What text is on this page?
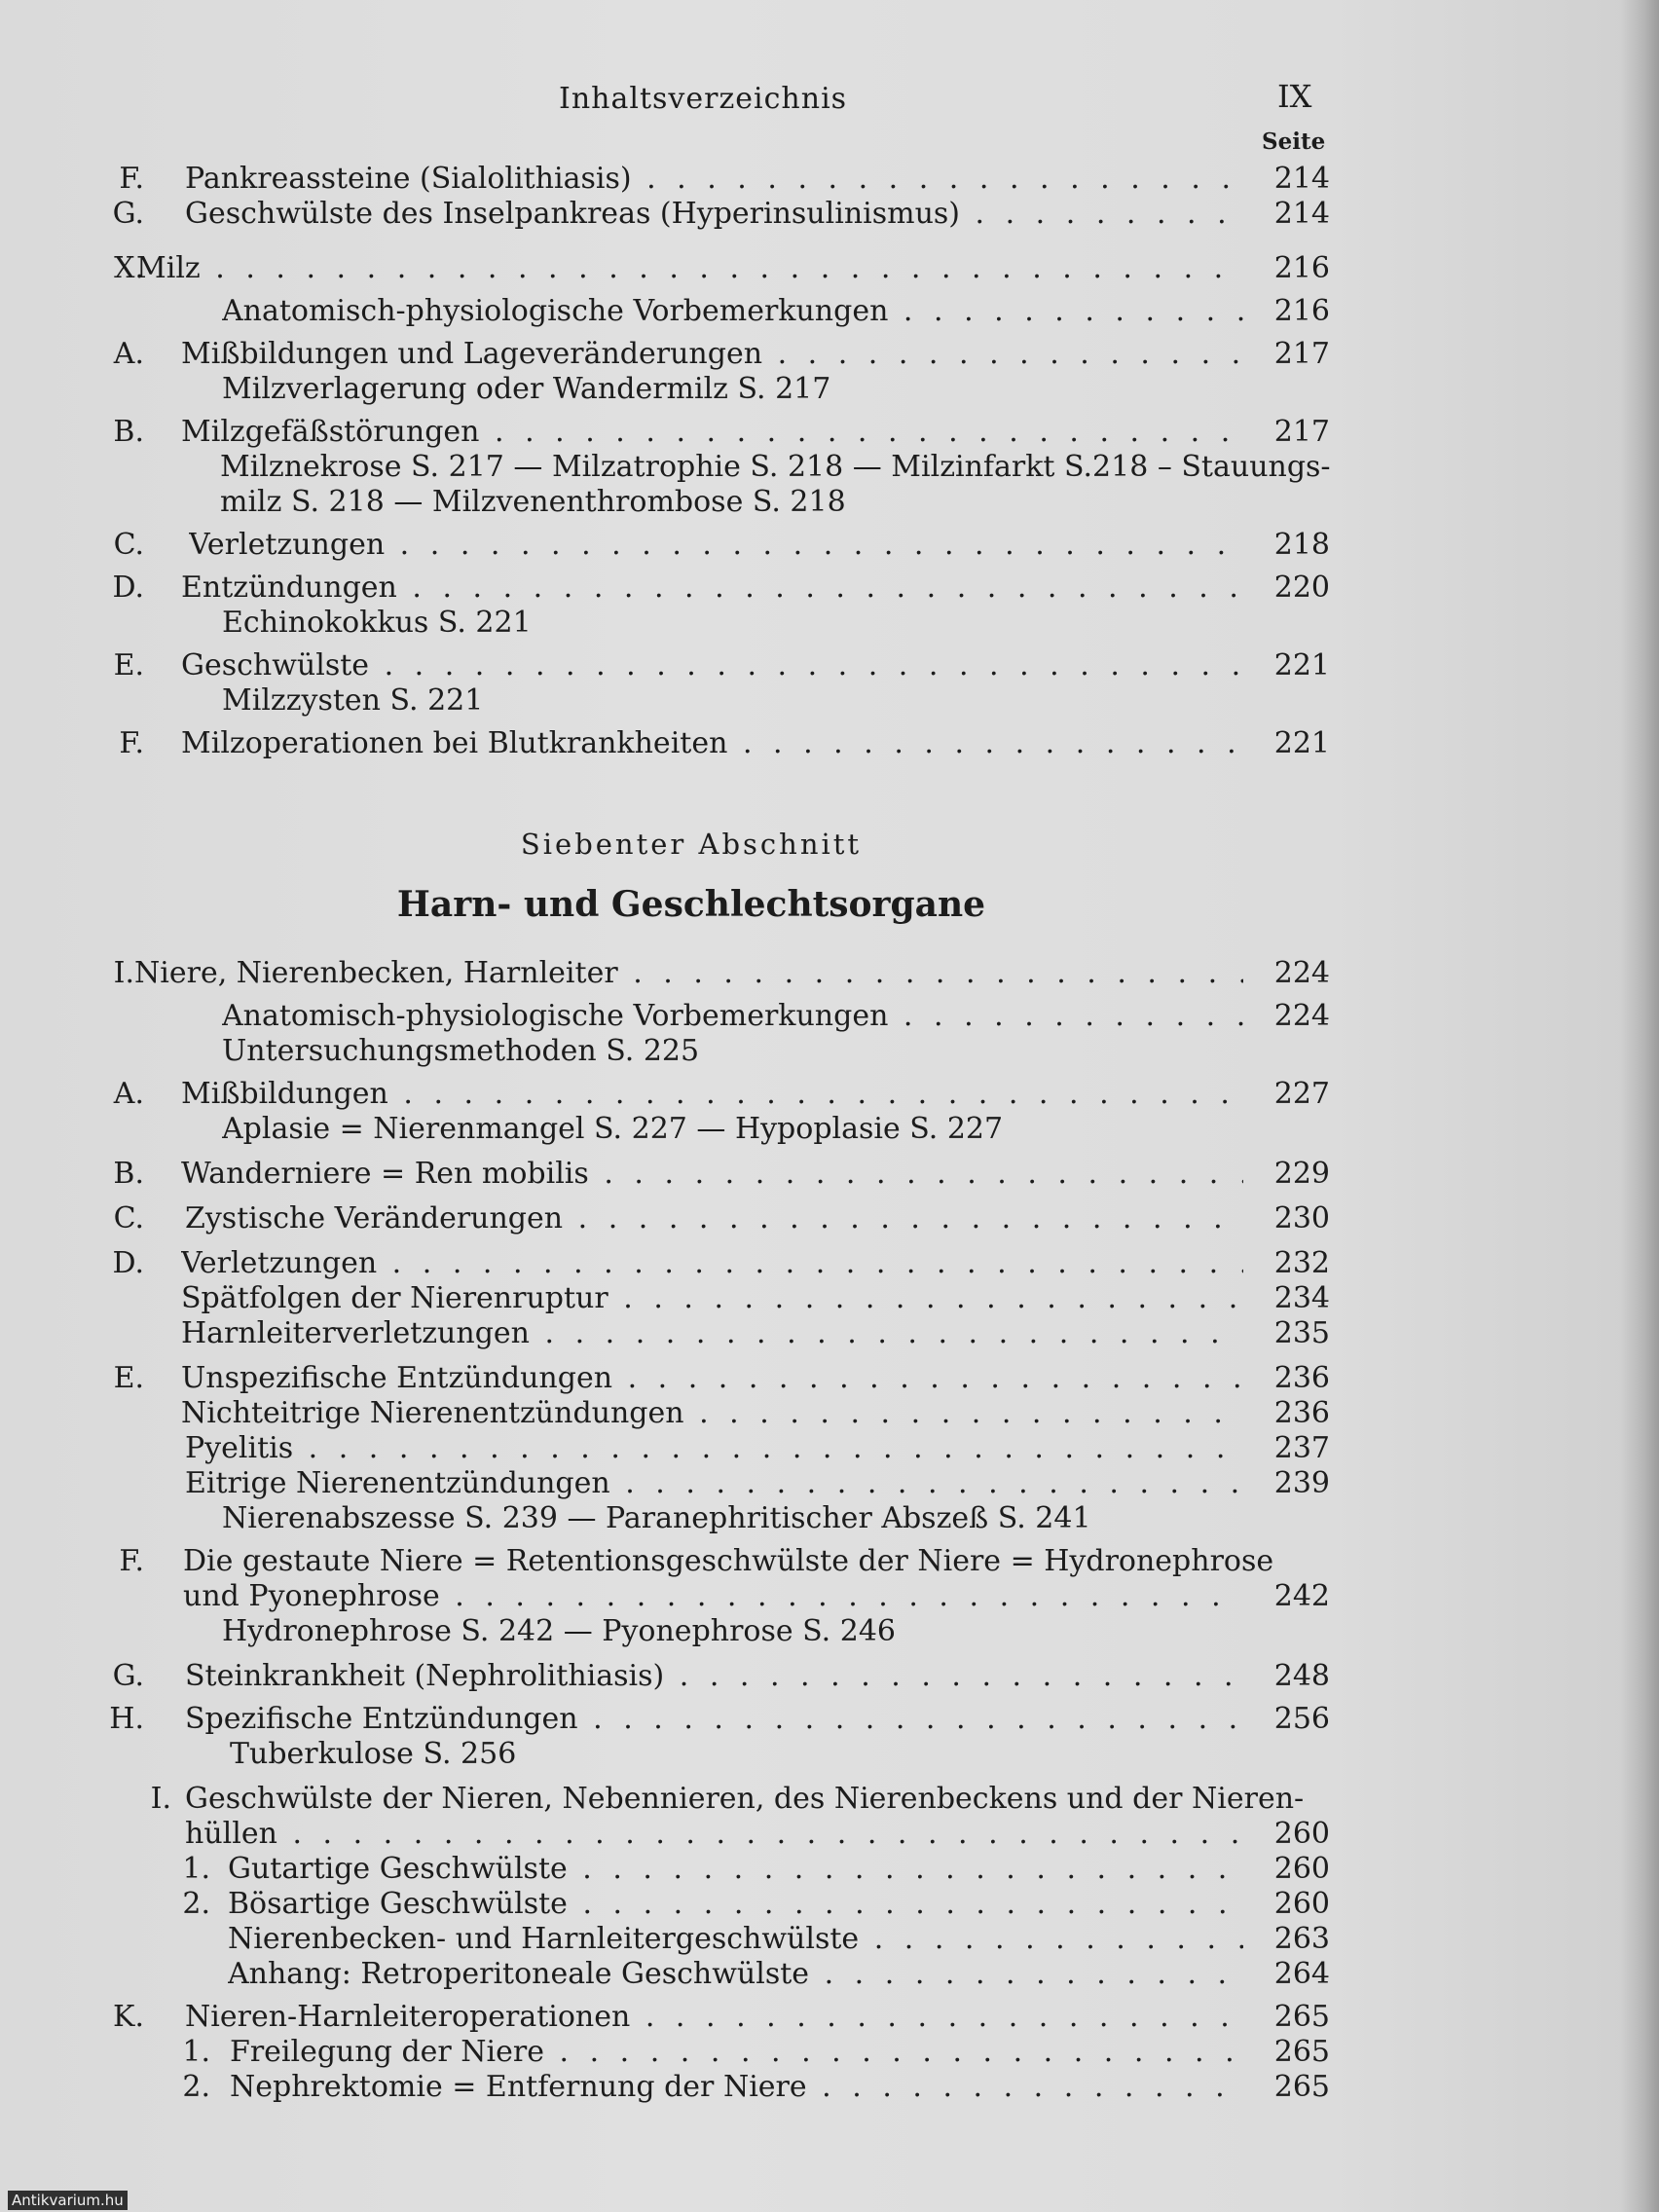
Inhaltsverzeichnis	IX
Seite
Siebenter Abschnitt
Harn- und Geschlechtsorgane
F. Pankreassteine (Sialolithiasis) . . .	214
G. Geschwülste des Inselpankreas (Hyperinsulinismus) . . .	214
X.
Milz . . .	216
Anatomisch-physiologische Vorbemerkungen . . .	216
A. Mißbildungen und Lageveränderungen . . .	217
Milzverlagerung oder Wandermilz S. 217
B. Milzgefäßstörungen . . .	217
Milznekrose S. 217 — Milzatrophie S. 218 — Milzinfarkt S.218 – Stauungs-
milz S. 218 — Milzvenenthrombose S. 218
C. Verletzungen . . .	218
D. Entzündungen . . .	220
Echinokokkus S. 221
E. Geschwülste . . .	221
Milzzysten S. 221
F. Milzoperationen bei Blutkrankheiten . . .	221
I. Niere, Nierenbecken, Harnleiter . . .	224
Anatomisch-physiologische Vorbemerkungen . . .	224
Untersuchungsmethoden S. 225
A. Mißbildungen . . .	227
Aplasie = Nierenmangel S. 227 — Hypoplasie S. 227
B. Wanderniere = Ren mobilis . . .	229
C. Zystische Veränderungen . . .	230
D. Verletzungen . . .	232
Spätfolgen der Nierenruptur . . .	234
Harnleiterverletzungen . . .	235
E. Unspezifische Entzündungen . . .	236
Nichteitrige Nierenentzündungen . . .	236
Pyelitis . . .	237
Eitrige Nierenentzündungen . . .	239
Nierenabszesse S. 239 — Paranephritischer Abszeß S. 241
F. Die gestaute Niere = Retentionsgeschwülste der Niere = Hydronephrose
und Pyonephrose . . .	242
Hydronephrose S. 242 — Pyonephrose S. 246
G. Steinkrankheit (Nephrolithiasis) . . .	248
H. Spezifische Entzündungen . . .	256
Tuberkulose S. 256
I. Geschwülste der Nieren, Nebennieren, des Nierenbeckens und der Nieren-
hüllen . . .	260
1. Gutartige Geschwülste . . .	260
2. Bösartige Geschwülste . . .	260
Nierenbecken- und Harnleitergeschwülste . . .	263
Anhang: Retroperitoneale Geschwülste . . .	264
K. Nieren-Harnleiteroperationen . . .	265
1. Freilegung der Niere . . .	265
2. Nephrektomie = Entfernung der Niere . . .	265
Antikvarium.hu
